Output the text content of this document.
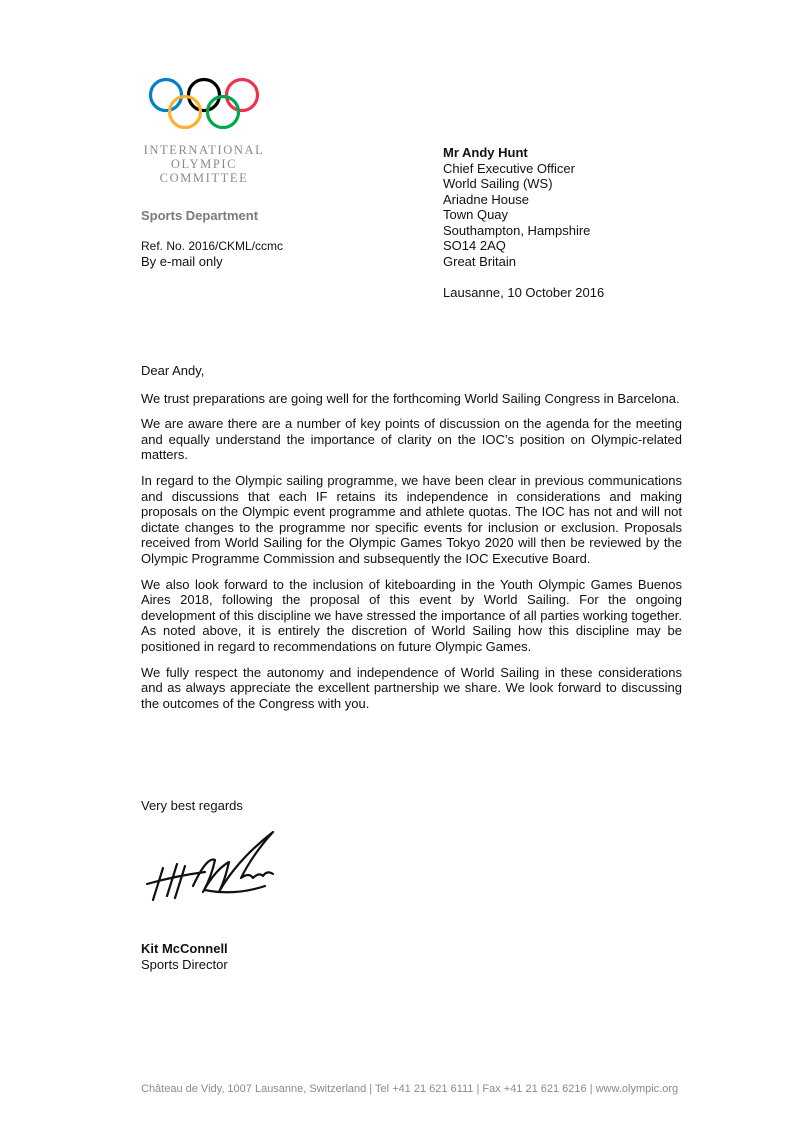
INTERNATIONAL
OLYMPIC
COMMITTEE
Sports Department
Ref. No. 2016/CKML/ccmc
By e-mail only
Mr Andy Hunt
Chief Executive Officer
World Sailing (WS)
Ariadne House
Town Quay
Southampton, Hampshire
SO14 2AQ
Great Britain
Lausanne, 10 October 2016
Dear Andy,

We trust preparations are going well for the forthcoming World Sailing Congress in Barcelona.

We are aware there are a number of key points of discussion on the agenda for the meeting and equally understand the importance of clarity on the IOC’s position on Olympic-related matters.

In regard to the Olympic sailing programme, we have been clear in previous communications and discussions that each IF retains its independence in considerations and making proposals on the Olympic event programme and athlete quotas. The IOC has not and will not dictate changes to the programme nor specific events for inclusion or exclusion. Proposals received from World Sailing for the Olympic Games Tokyo 2020 will then be reviewed by the Olympic Programme Commission and subsequently the IOC Executive Board.

We also look forward to the inclusion of kiteboarding in the Youth Olympic Games Buenos Aires 2018, following the proposal of this event by World Sailing. For the ongoing development of this discipline we have stressed the importance of all parties working together. As noted above, it is entirely the discretion of World Sailing how this discipline may be positioned in regard to recommendations on future Olympic Games.

We fully respect the autonomy and independence of World Sailing in these considerations and as always appreciate the excellent partnership we share. We look forward to discussing the outcomes of the Congress with you.

Very best regards
Kit McConnell
Sports Director
Château de Vidy, 1007 Lausanne, Switzerland | Tel +41 21 621 6111 | Fax +41 21 621 6216 | www.olympic.org
